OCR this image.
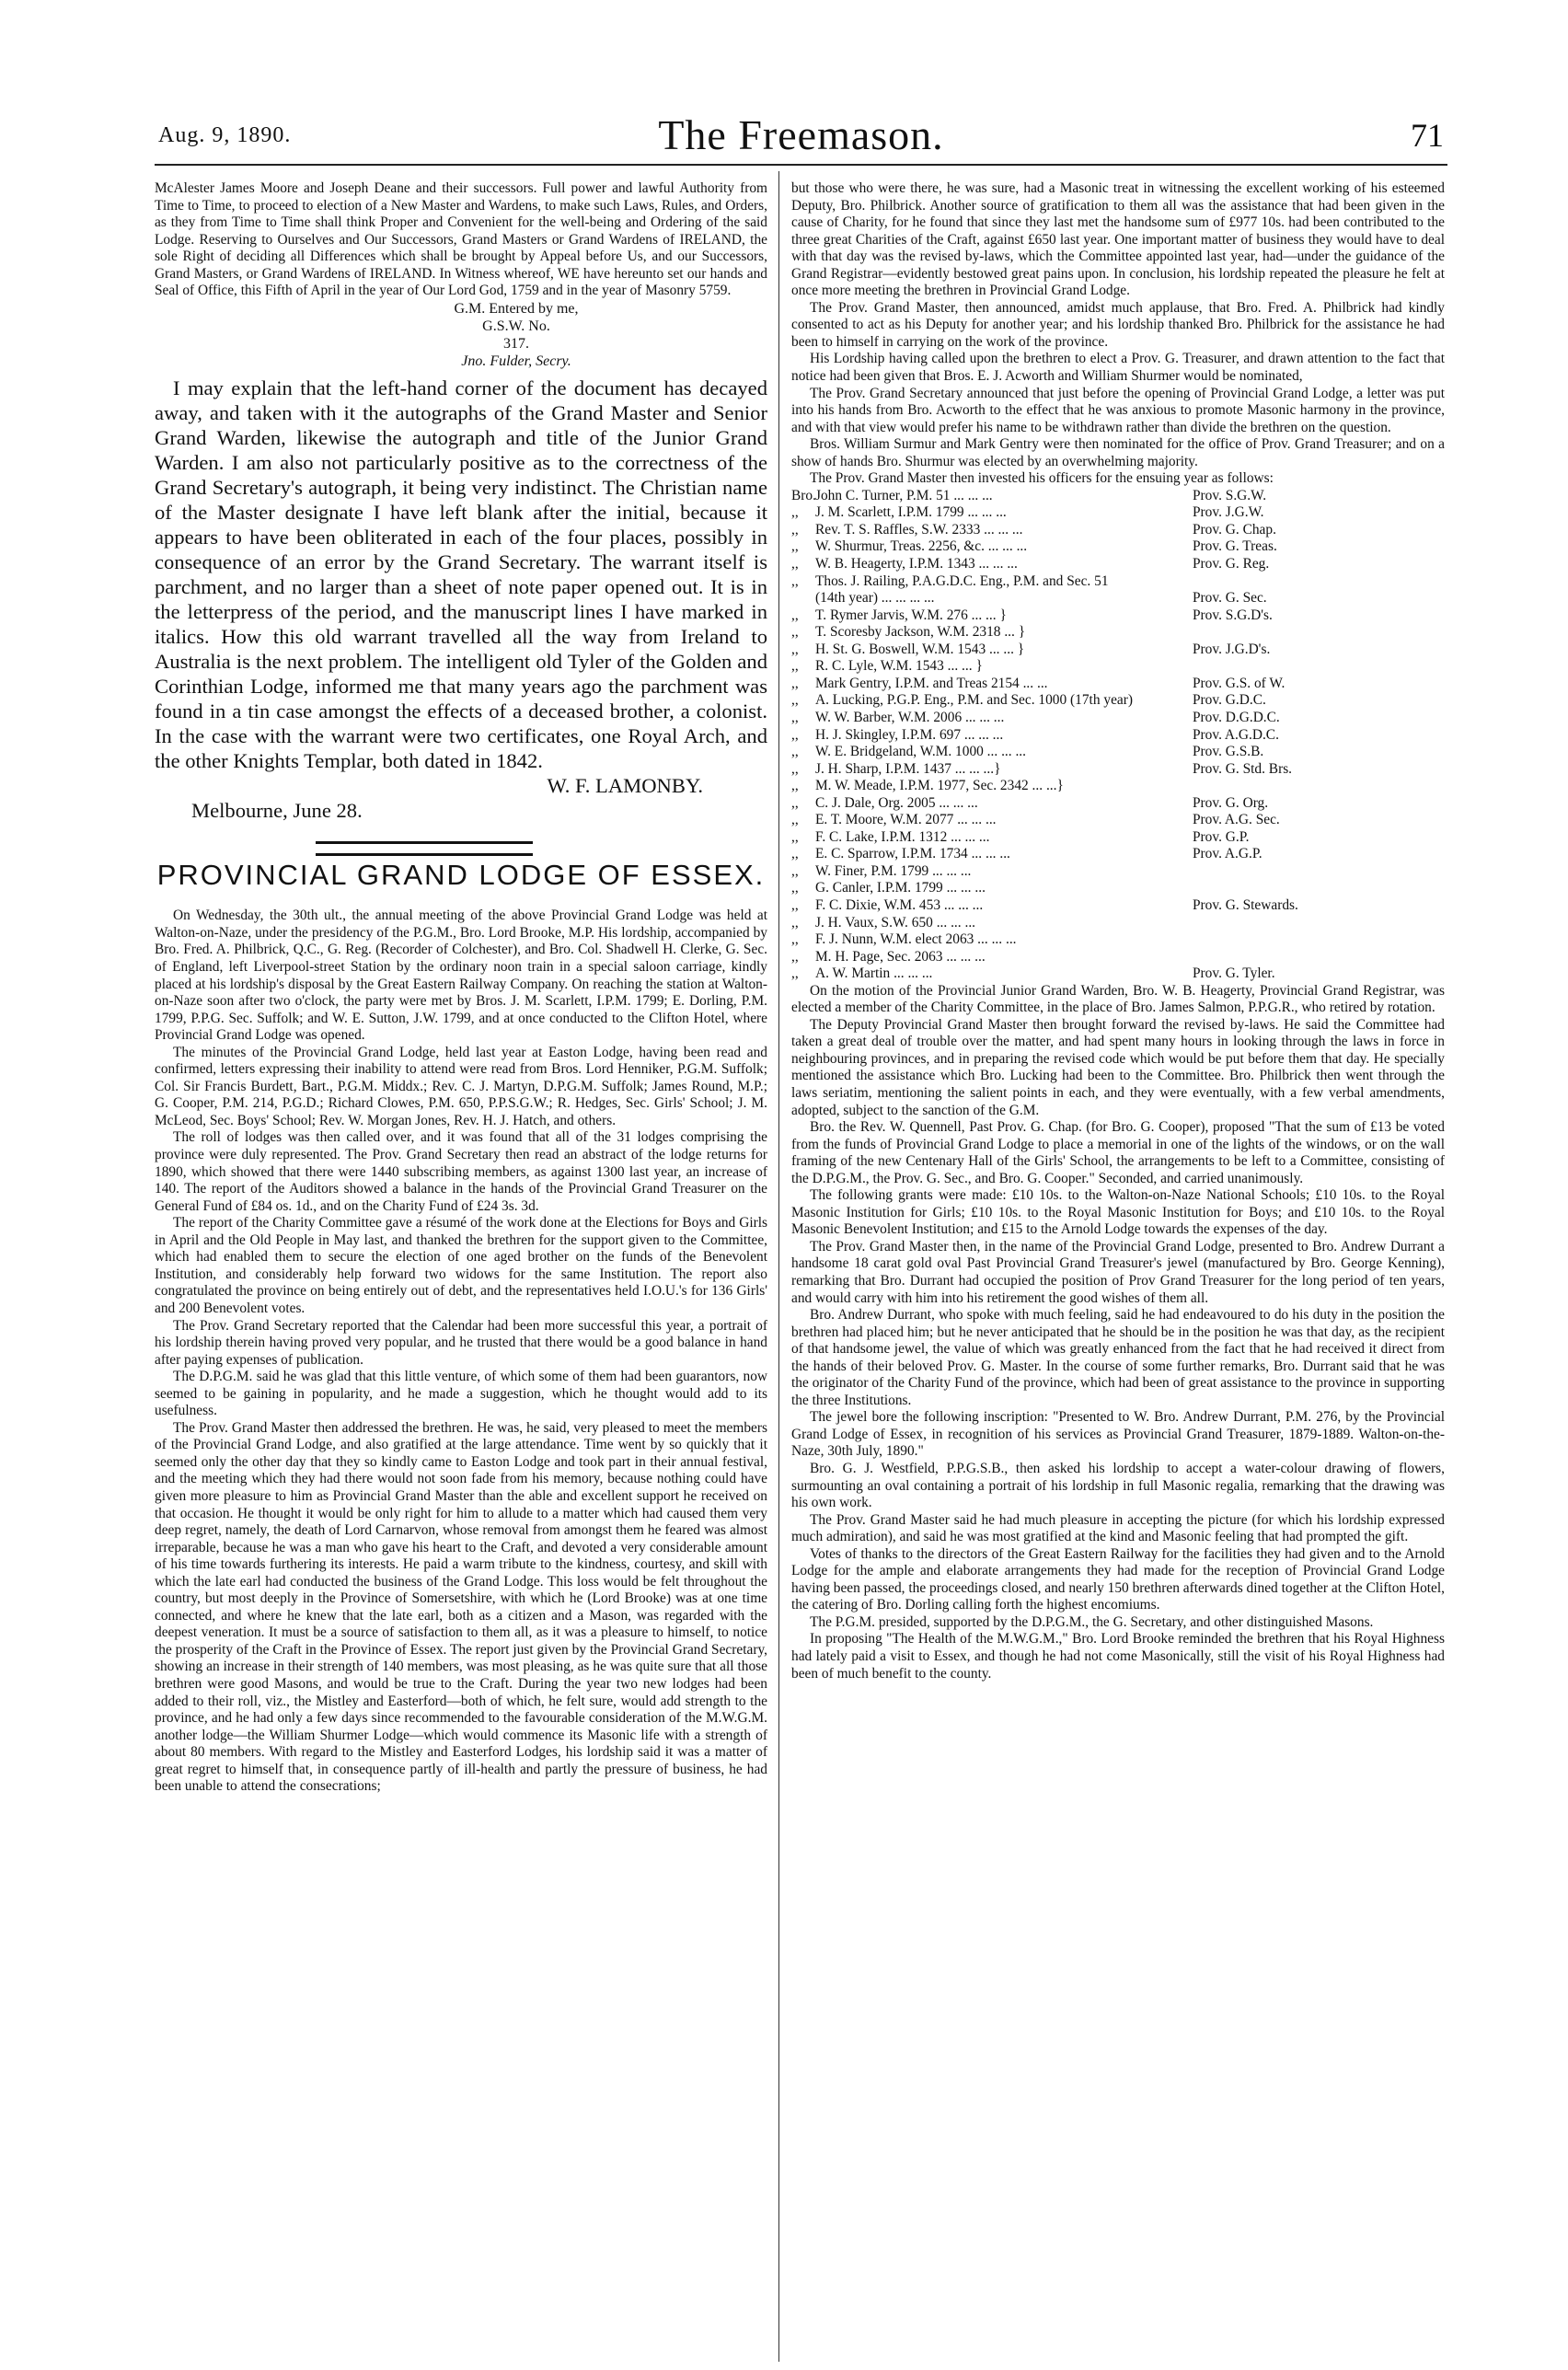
Aug. 9, 1890.	The Freemason.	71

McAlester James Moore and Joseph Deane and their successors. Full power and lawful Authority from Time to Time, to proceed to election of a New Master and Wardens, to make such Laws, Rules, and Orders, as they from Time to Time shall think Proper and Convenient for the well-being and Ordering of the said Lodge. Reserving to Ourselves and Our Successors, Grand Masters or Grand Wardens of IRELAND, the sole Right of deciding all Differences which shall be brought by Appeal before Us, and our Successors, Grand Masters, or Grand Wardens of IRELAND. In Witness whereof, WE have hereunto set our hands and Seal of Office, this Fifth of April in the year of Our Lord God, 1759 and in the year of Masonry 5759.

G.M. Entered by me,
G.S.W. No.
317.
Jno. Fulder, Secry.

I may explain that the left-hand corner of the document has decayed away, and taken with it the autographs of the Grand Master and Senior Grand Warden, likewise the autograph and title of the Junior Grand Warden. I am also not particularly positive as to the correctness of the Grand Secretary's autograph, it being very indistinct. The Christian name of the Master designate I have left blank after the initial, because it appears to have been obliterated in each of the four places, possibly in consequence of an error by the Grand Secretary. The warrant itself is parchment, and no larger than a sheet of note paper opened out. It is in the letterpress of the period, and the manuscript lines I have marked in italics. How this old warrant travelled all the way from Ireland to Australia is the next problem. The intelligent old Tyler of the Golden and Corinthian Lodge, informed me that many years ago the parchment was found in a tin case amongst the effects of a deceased brother, a colonist. In the case with the warrant were two certificates, one Royal Arch, and the other Knights Templar, both dated in 1842.

W. F. LAMONBY.
Melbourne, June 28.
PROVINCIAL GRAND LODGE OF ESSEX.

On Wednesday, the 30th ult., the annual meeting of the above Provincial Grand Lodge was held at Walton-on-Naze, under the presidency of the P.G.M., Bro. Lord Brooke, M.P. His lordship, accompanied by Bro. Fred. A. Philbrick, Q.C., G. Reg. (Recorder of Colchester), and Bro. Col. Shadwell H. Clerke, G. Sec. of England, left Liverpool-street Station by the ordinary noon train in a special saloon carriage, kindly placed at his lordship's disposal by the Great Eastern Railway Company. On reaching the station at Walton-on-Naze soon after two o'clock, the party were met by Bros. J. M. Scarlett, I.P.M. 1799; E. Dorling, P.M. 1799, P.P.G. Sec. Suffolk; and W. E. Sutton, J.W. 1799, and at once conducted to the Clifton Hotel, where Provincial Grand Lodge was opened.

The minutes of the Provincial Grand Lodge, held last year at Easton Lodge, having been read and confirmed, letters expressing their inability to attend were read from Bros. Lord Henniker, P.G.M. Suffolk; Col. Sir Francis Burdett, Bart., P.G.M. Middx.; Rev. C. J. Martyn, D.P.G.M. Suffolk; James Round, M.P.; G. Cooper, P.M. 214, P.G.D.; Richard Clowes, P.M. 650, P.P.S.G.W.; R. Hedges, Sec. Girls' School; J. M. McLeod, Sec. Boys' School; Rev. W. Morgan Jones, Rev. H. J. Hatch, and others.

The roll of lodges was then called over, and it was found that all of the 31 lodges comprising the province were duly represented. The Prov. Grand Secretary then read an abstract of the lodge returns for 1890, which showed that there were 1440 subscribing members, as against 1300 last year, an increase of 140. The report of the Auditors showed a balance in the hands of the Provincial Grand Treasurer on the General Fund of £84 os. 1d., and on the Charity Fund of £24 3s. 3d.

The report of the Charity Committee gave a résumé of the work done at the Elections for Boys and Girls in April and the Old People in May last, and thanked the brethren for the support given to the Committee, which had enabled them to secure the election of one aged brother on the funds of the Benevolent Institution, and considerably help forward two widows for the same Institution. The report also congratulated the province on being entirely out of debt, and the representatives held I.O.U.'s for 136 Girls' and 200 Benevolent votes.

The Prov. Grand Secretary reported that the Calendar had been more successful this year, a portrait of his lordship therein having proved very popular, and he trusted that there would be a good balance in hand after paying expenses of publication.

The D.P.G.M. said he was glad that this little venture, of which some of them had been guarantors, now seemed to be gaining in popularity, and he made a suggestion, which he thought would add to its usefulness.

The Prov. Grand Master then addressed the brethren. He was, he said, very pleased to meet the members of the Provincial Grand Lodge, and also gratified at the large attendance. Time went by so quickly that it seemed only the other day that they so kindly came to Easton Lodge and took part in their annual festival, and the meeting which they had there would not soon fade from his memory, because nothing could have given more pleasure to him as Provincial Grand Master than the able and excellent support he received on that occasion. He thought it would be only right for him to allude to a matter which had caused them very deep regret, namely, the death of Lord Carnarvon, whose removal from amongst them he feared was almost irreparable, because he was a man who gave his heart to the Craft, and devoted a very considerable amount of his time towards furthering its interests. He paid a warm tribute to the kindness, courtesy, and skill with which the late earl had conducted the business of the Grand Lodge. This loss would be felt throughout the country, but most deeply in the Province of Somersetshire, with which he (Lord Brooke) was at one time connected, and where he knew that the late earl, both as a citizen and a Mason, was regarded with the deepest veneration. It must be a source of satisfaction to them all, as it was a pleasure to himself, to notice the prosperity of the Craft in the Province of Essex. The report just given by the Provincial Grand Secretary, showing an increase in their strength of 140 members, was most pleasing, as he was quite sure that all those brethren were good Masons, and would be true to the Craft. During the year two new lodges had been added to their roll, viz., the Mistley and Easterford—both of which, he felt sure, would add strength to the province, and he had only a few days since recommended to the favourable consideration of the M.W.G.M. another lodge—the William Shurmer Lodge—which would commence its Masonic life with a strength of about 80 members. With regard to the Mistley and Easterford Lodges, his lordship said it was a matter of great regret to himself that, in consequence partly of ill-health and partly the pressure of business, he had been unable to attend the consecrations;

but those who were there, he was sure, had a Masonic treat in witnessing the excellent working of his esteemed Deputy, Bro. Philbrick. Another source of gratification to them all was the assistance that had been given in the cause of Charity, for he found that since they last met the handsome sum of £977 10s. had been contributed to the three great Charities of the Craft, against £650 last year. One important matter of business they would have to deal with that day was the revised by-laws, which the Committee appointed last year, had—under the guidance of the Grand Registrar—evidently bestowed great pains upon. In conclusion, his lordship repeated the pleasure he felt at once more meeting the brethren in Provincial Grand Lodge.

The Prov. Grand Master, then announced, amidst much applause, that Bro. Fred. A. Philbrick had kindly consented to act as his Deputy for another year; and his lordship thanked Bro. Philbrick for the assistance he had been to himself in carrying on the work of the province.

His Lordship having called upon the brethren to elect a Prov. G. Treasurer, and drawn attention to the fact that notice had been given that Bros. E. J. Acworth and William Shurmer would be nominated,

The Prov. Grand Secretary announced that just before the opening of Provincial Grand Lodge, a letter was put into his hands from Bro. Acworth to the effect that he was anxious to promote Masonic harmony in the province, and with that view would prefer his name to be withdrawn rather than divide the brethren on the question.

Bros. William Surmur and Mark Gentry were then nominated for the office of Prov. Grand Treasurer; and on a show of hands Bro. Shurmur was elected by an overwhelming majority.

The Prov. Grand Master then invested his officers for the ensuing year as follows:

Bro. John C. Turner, P.M. 51 ... ... ...	Prov. S.G.W.
,,	J. M. Scarlett, I.P.M. 1799 ... ... ...	Prov. J.G.W.
,,	Rev. T. S. Raffles, S.W. 2333 ... ... ...	Prov. G. Chap.
,,	W. Shurmur, Treas. 2256, &c. ... ... ...	Prov. G. Treas.
,,	W. B. Heagerty, I.P.M. 1343 ... ... ...	Prov. G. Reg.
,,	Thos. J. Railing, P.A.G.D.C. Eng., P.M. and Sec. 51
(14th year) ... ... ... ...	Prov. G. Sec.
,,	T. Rymer Jarvis, W.M. 276 ... ... }	Prov. S.G.D's.
,,	T. Scoresby Jackson, W.M. 2318 ... }
,,	H. St. G. Boswell, W.M. 1543 ... ... }	Prov. J.G.D's.
,,	R. C. Lyle, W.M. 1543 ... ... }
,,	Mark Gentry, I.P.M. and Treas 2154 ... ...	Prov. G.S. of W.
,,	A. Lucking, P.G.P. Eng., P.M. and Sec. 1000 (17th year)	Prov. G.D.C.
,,	W. W. Barber, W.M. 2006 ... ... ...	Prov. D.G.D.C.
,,	H. J. Skingley, I.P.M. 697 ... ... ...	Prov. A.G.D.C.
,,	W. E. Bridgeland, W.M. 1000 ... ... ...	Prov. G.S.B.
,,	J. H. Sharp, I.P.M. 1437 ... ... ...}	Prov. G. Std. Brs.
,,	M. W. Meade, I.P.M. 1977, Sec. 2342 ... ...}
,,	C. J. Dale, Org. 2005 ... ... ...	Prov. G. Org.
,,	E. T. Moore, W.M. 2077 ... ... ...	Prov. A.G. Sec.
,,	F. C. Lake, I.P.M. 1312 ... ... ...	Prov. G.P.
,,	E. C. Sparrow, I.P.M. 1734 ... ... ...	Prov. A.G.P.
,,	W. Finer, P.M. 1799 ... ... ...
,,	G. Canler, I.P.M. 1799 ... ... ...
,,	F. C. Dixie, W.M. 453 ... ... ...	Prov. G. Stewards.
,,	J. H. Vaux, S.W. 650 ... ... ...
,,	F. J. Nunn, W.M. elect 2063 ... ... ...
,,	M. H. Page, Sec. 2063 ... ... ...
,,	A. W. Martin ... ... ...	Prov. G. Tyler.

On the motion of the Provincial Junior Grand Warden, Bro. W. B. Heagerty, Provincial Grand Registrar, was elected a member of the Charity Committee, in the place of Bro. James Salmon, P.P.G.R., who retired by rotation.

The Deputy Provincial Grand Master then brought forward the revised by-laws. He said the Committee had taken a great deal of trouble over the matter, and had spent many hours in looking through the laws in force in neighbouring provinces, and in preparing the revised code which would be put before them that day. He specially mentioned the assistance which Bro. Lucking had been to the Committee. Bro. Philbrick then went through the laws seriatim, mentioning the salient points in each, and they were eventually, with a few verbal amendments, adopted, subject to the sanction of the G.M.

Bro. the Rev. W. Quennell, Past Prov. G. Chap. (for Bro. G. Cooper), proposed "That the sum of £13 be voted from the funds of Provincial Grand Lodge to place a memorial in one of the lights of the windows, or on the wall framing of the new Centenary Hall of the Girls' School, the arrangements to be left to a Committee, consisting of the D.P.G.M., the Prov. G. Sec., and Bro. G. Cooper." Seconded, and carried unanimously.

The following grants were made: £10 10s. to the Walton-on-Naze National Schools; £10 10s. to the Royal Masonic Institution for Girls; £10 10s. to the Royal Masonic Institution for Boys; and £10 10s. to the Royal Masonic Benevolent Institution; and £15 to the Arnold Lodge towards the expenses of the day.

The Prov. Grand Master then, in the name of the Provincial Grand Lodge, presented to Bro. Andrew Durrant a handsome 18 carat gold oval Past Provincial Grand Treasurer's jewel (manufactured by Bro. George Kenning), remarking that Bro. Durrant had occupied the position of Prov Grand Treasurer for the long period of ten years, and would carry with him into his retirement the good wishes of them all.

Bro. Andrew Durrant, who spoke with much feeling, said he had endeavoured to do his duty in the position the brethren had placed him; but he never anticipated that he should be in the position he was that day, as the recipient of that handsome jewel, the value of which was greatly enhanced from the fact that he had received it direct from the hands of their beloved Prov. G. Master. In the course of some further remarks, Bro. Durrant said that he was the originator of the Charity Fund of the province, which had been of great assistance to the province in supporting the three Institutions.

The jewel bore the following inscription: "Presented to W. Bro. Andrew Durrant, P.M. 276, by the Provincial Grand Lodge of Essex, in recognition of his services as Provincial Grand Treasurer, 1879-1889. Walton-on-the-Naze, 30th July, 1890."

Bro. G. J. Westfield, P.P.G.S.B., then asked his lordship to accept a water-colour drawing of flowers, surmounting an oval containing a portrait of his lordship in full Masonic regalia, remarking that the drawing was his own work.

The Prov. Grand Master said he had much pleasure in accepting the picture (for which his lordship expressed much admiration), and said he was most gratified at the kind and Masonic feeling that had prompted the gift.

Votes of thanks to the directors of the Great Eastern Railway for the facilities they had given and to the Arnold Lodge for the ample and elaborate arrangements they had made for the reception of Provincial Grand Lodge having been passed, the proceedings closed, and nearly 150 brethren afterwards dined together at the Clifton Hotel, the catering of Bro. Dorling calling forth the highest encomiums.

The P.G.M. presided, supported by the D.P.G.M., the G. Secretary, and other distinguished Masons.

In proposing "The Health of the M.W.G.M.," Bro. Lord Brooke reminded the brethren that his Royal Highness had lately paid a visit to Essex, and though he had not come Masonically, still the visit of his Royal Highness had been of much benefit to the county.
